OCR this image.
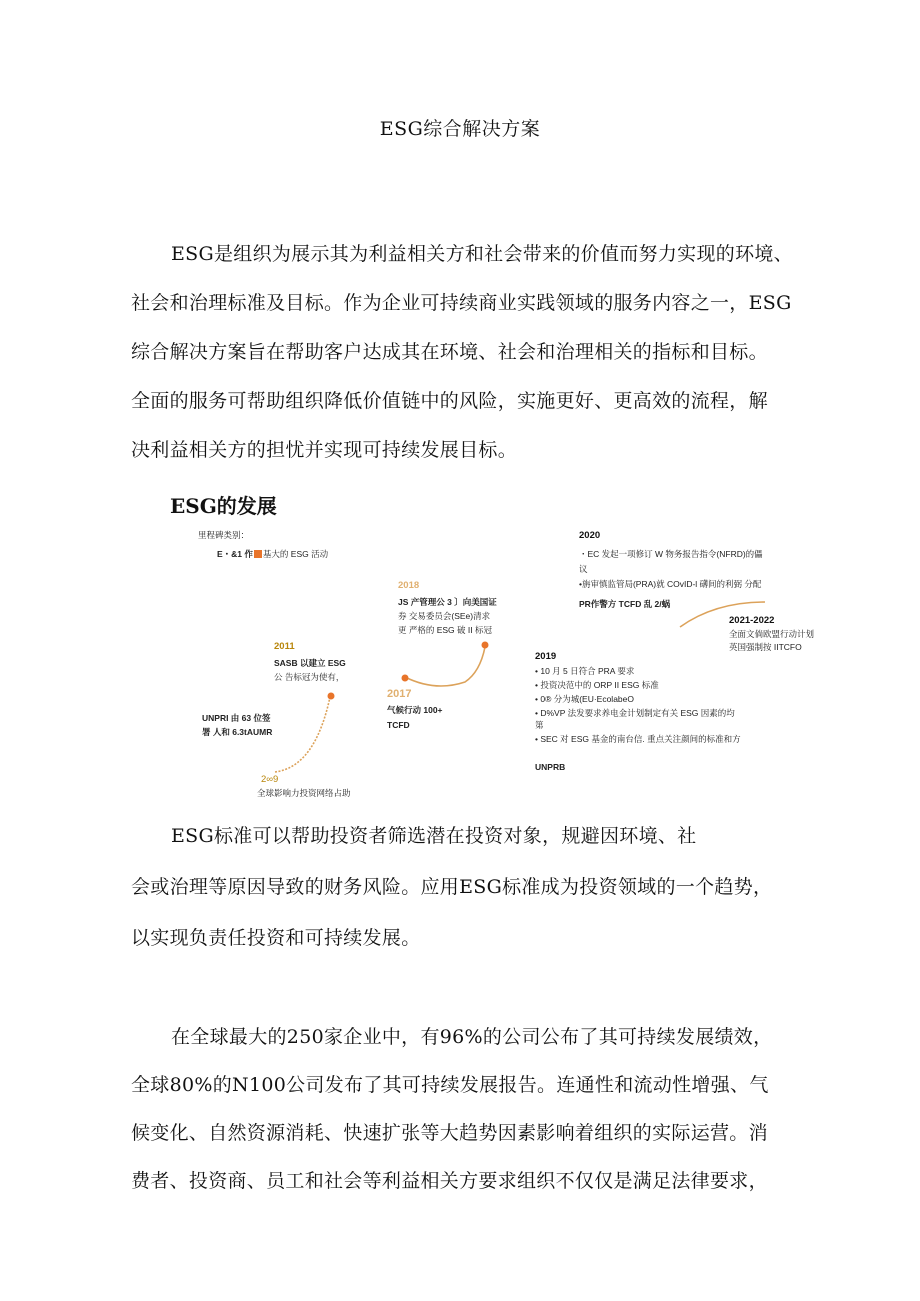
ESG综合解决方案
ESG是组织为展示其为利益相关方和社会带来的价值而努力实现的环境、
社会和治理标准及目标。作为企业可持续商业实践领域的服务内容之一，ESG
综合解决方案旨在帮助客户达成其在环境、社会和治理相关的指标和目标。
全面的服务可帮助组织降低价值链中的风险，实施更好、更高效的流程，解
决利益相关方的担忧并实现可持续发展目标。
ESG的发展
里程碑类别：
E・&1 作 基大的 ESG 活动
2∞9
全球影响力投资网络占助
UNPRI 由 63 位签
署 人和 6.3tAUMR
2011
SASB 以建立 ESG
公 告标冠为使有，
2017
气候行动 100+
TCFD
2018
JS 产管理公 3 〕向美国证
券 交易委员会(SEe)清求
更 严格的 ESG 破 II 标冠
2019
• 10 月 5 日符合 PRA 要求
• 投资决范中的 ORP II ESG 标准
• 0® 分为城(EU·EcolabeO
• D%VP 法发要求养电金计划制定有关 ESG 因素的均
第
• SEC 对 ESG 基金的南台信. 重点关注颜间的标准和方
UNPRB
2020
・EC 发起一项修订 W 物务报告指令(NFRD)的儡
议
•旃审慎监管局(PRA)就 COvID-l 礴间的利弼 分配
PR作警方 TCFD 乱 2/蜗
2021-2022
全面文倘欧盟行动计划
英国强制按 IITCFO
ESG标准可以帮助投资者筛选潜在投资对象，规避因环境、社
会或治理等原因导致的财务风险。应用ESG标准成为投资领域的一个趋势，
以实现负责任投资和可持续发展。
在全球最大的250家企业中，有96%的公司公布了其可持续发展绩效，
全球80%的N100公司发布了其可持续发展报告。连通性和流动性增强、气
候变化、自然资源消耗、快速扩张等大趋势因素影响着组织的实际运营。消
费者、投资商、员工和社会等利益相关方要求组织不仅仅是满足法律要求，
